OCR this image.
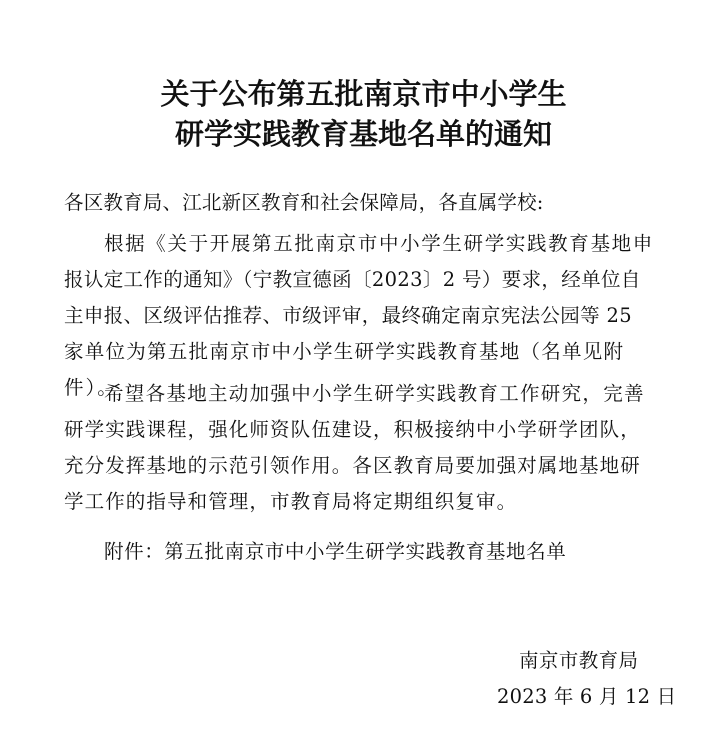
关于公布第五批南京市中小学生
研学实践教育基地名单的通知
各区教育局、江北新区教育和社会保障局，各直属学校:
根据《关于开展第五批南京市中小学生研学实践教育基地申
报认定工作的通知》（宁教宣德函〔2023〕2 号）要求，经单位自
主申报、区级评估推荐、市级评审，最终确定南京宪法公园等 25
家单位为第五批南京市中小学生研学实践教育基地（名单见附
件）。
希望各基地主动加强中小学生研学实践教育工作研究，完善
研学实践课程，强化师资队伍建设，积极接纳中小学研学团队，
充分发挥基地的示范引领作用。各区教育局要加强对属地基地研
学工作的指导和管理，市教育局将定期组织复审。
附件：第五批南京市中小学生研学实践教育基地名单
南京市教育局
2023 年 6 月 12 日
